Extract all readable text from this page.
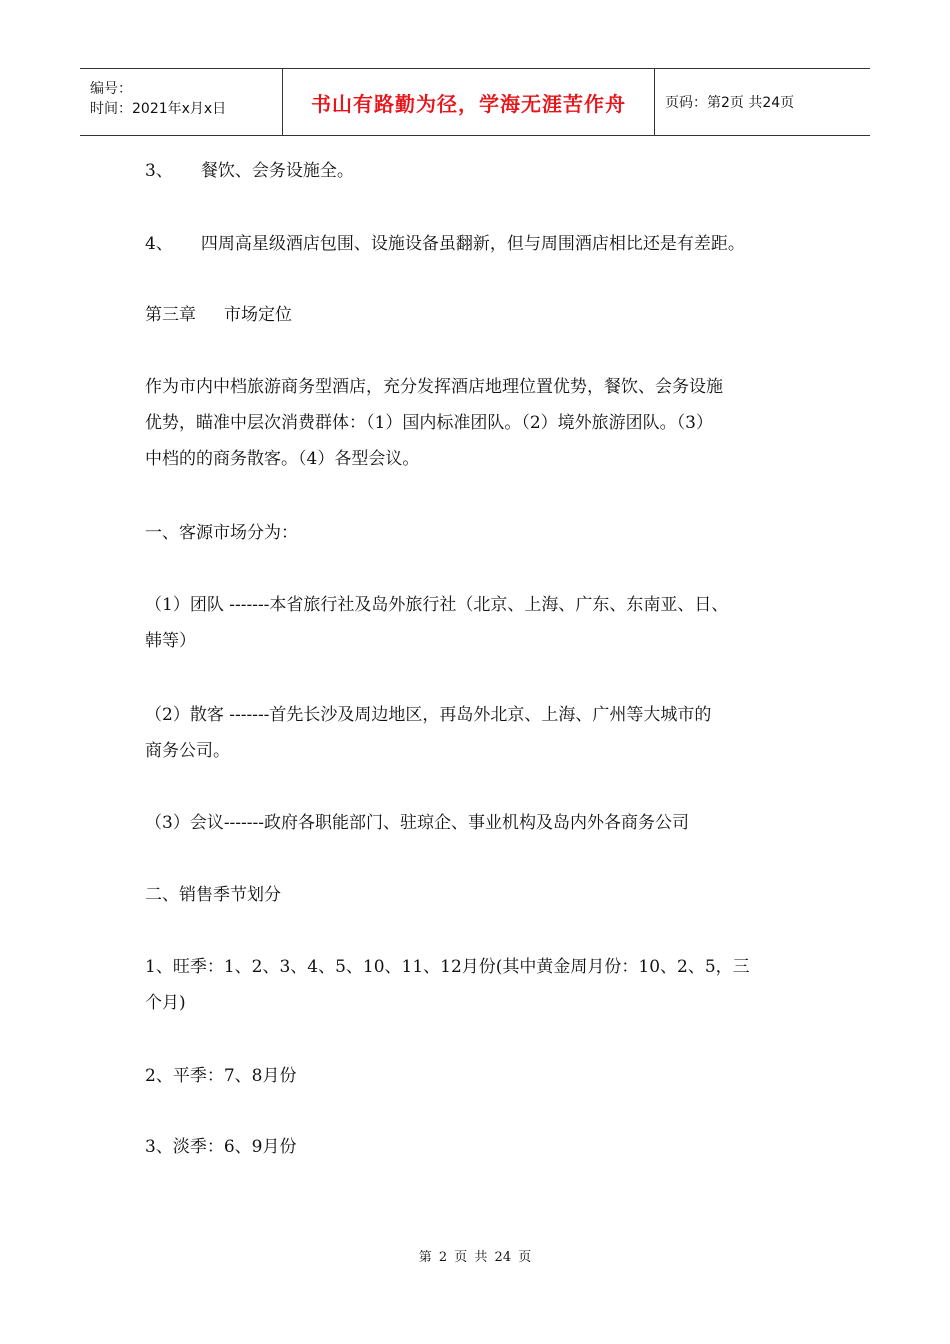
编号：
时间：2021年x月x日	书山有路勤为径，学海无涯苦作舟	页码：第2页 共24页
3、 餐饮、会务设施全。
4、 四周高星级酒店包围、设施设备虽翻新，但与周围酒店相比还是有差距。
第三章 市场定位
作为市内中档旅游商务型酒店，充分发挥酒店地理位置优势，餐饮、会务设施
优势，瞄准中层次消费群体：（1）国内标准团队。（2）境外旅游团队。（3）
中档的的商务散客。（4）各型会议。
一、客源市场分为：
（1）团队 -------本省旅行社及岛外旅行社（北京、上海、广东、东南亚、日、
韩等）
（2）散客 -------首先长沙及周边地区，再岛外北京、上海、广州等大城市的
商务公司。
（3）会议-------政府各职能部门、驻琼企、事业机构及岛内外各商务公司
二、销售季节划分
1、旺季：1、2、3、4、5、10、11、12月份(其中黄金周月份：10、2、5，三
个月)
2、平季：7、8月份
3、淡季：6、9月份
第 2 页 共 24 页
